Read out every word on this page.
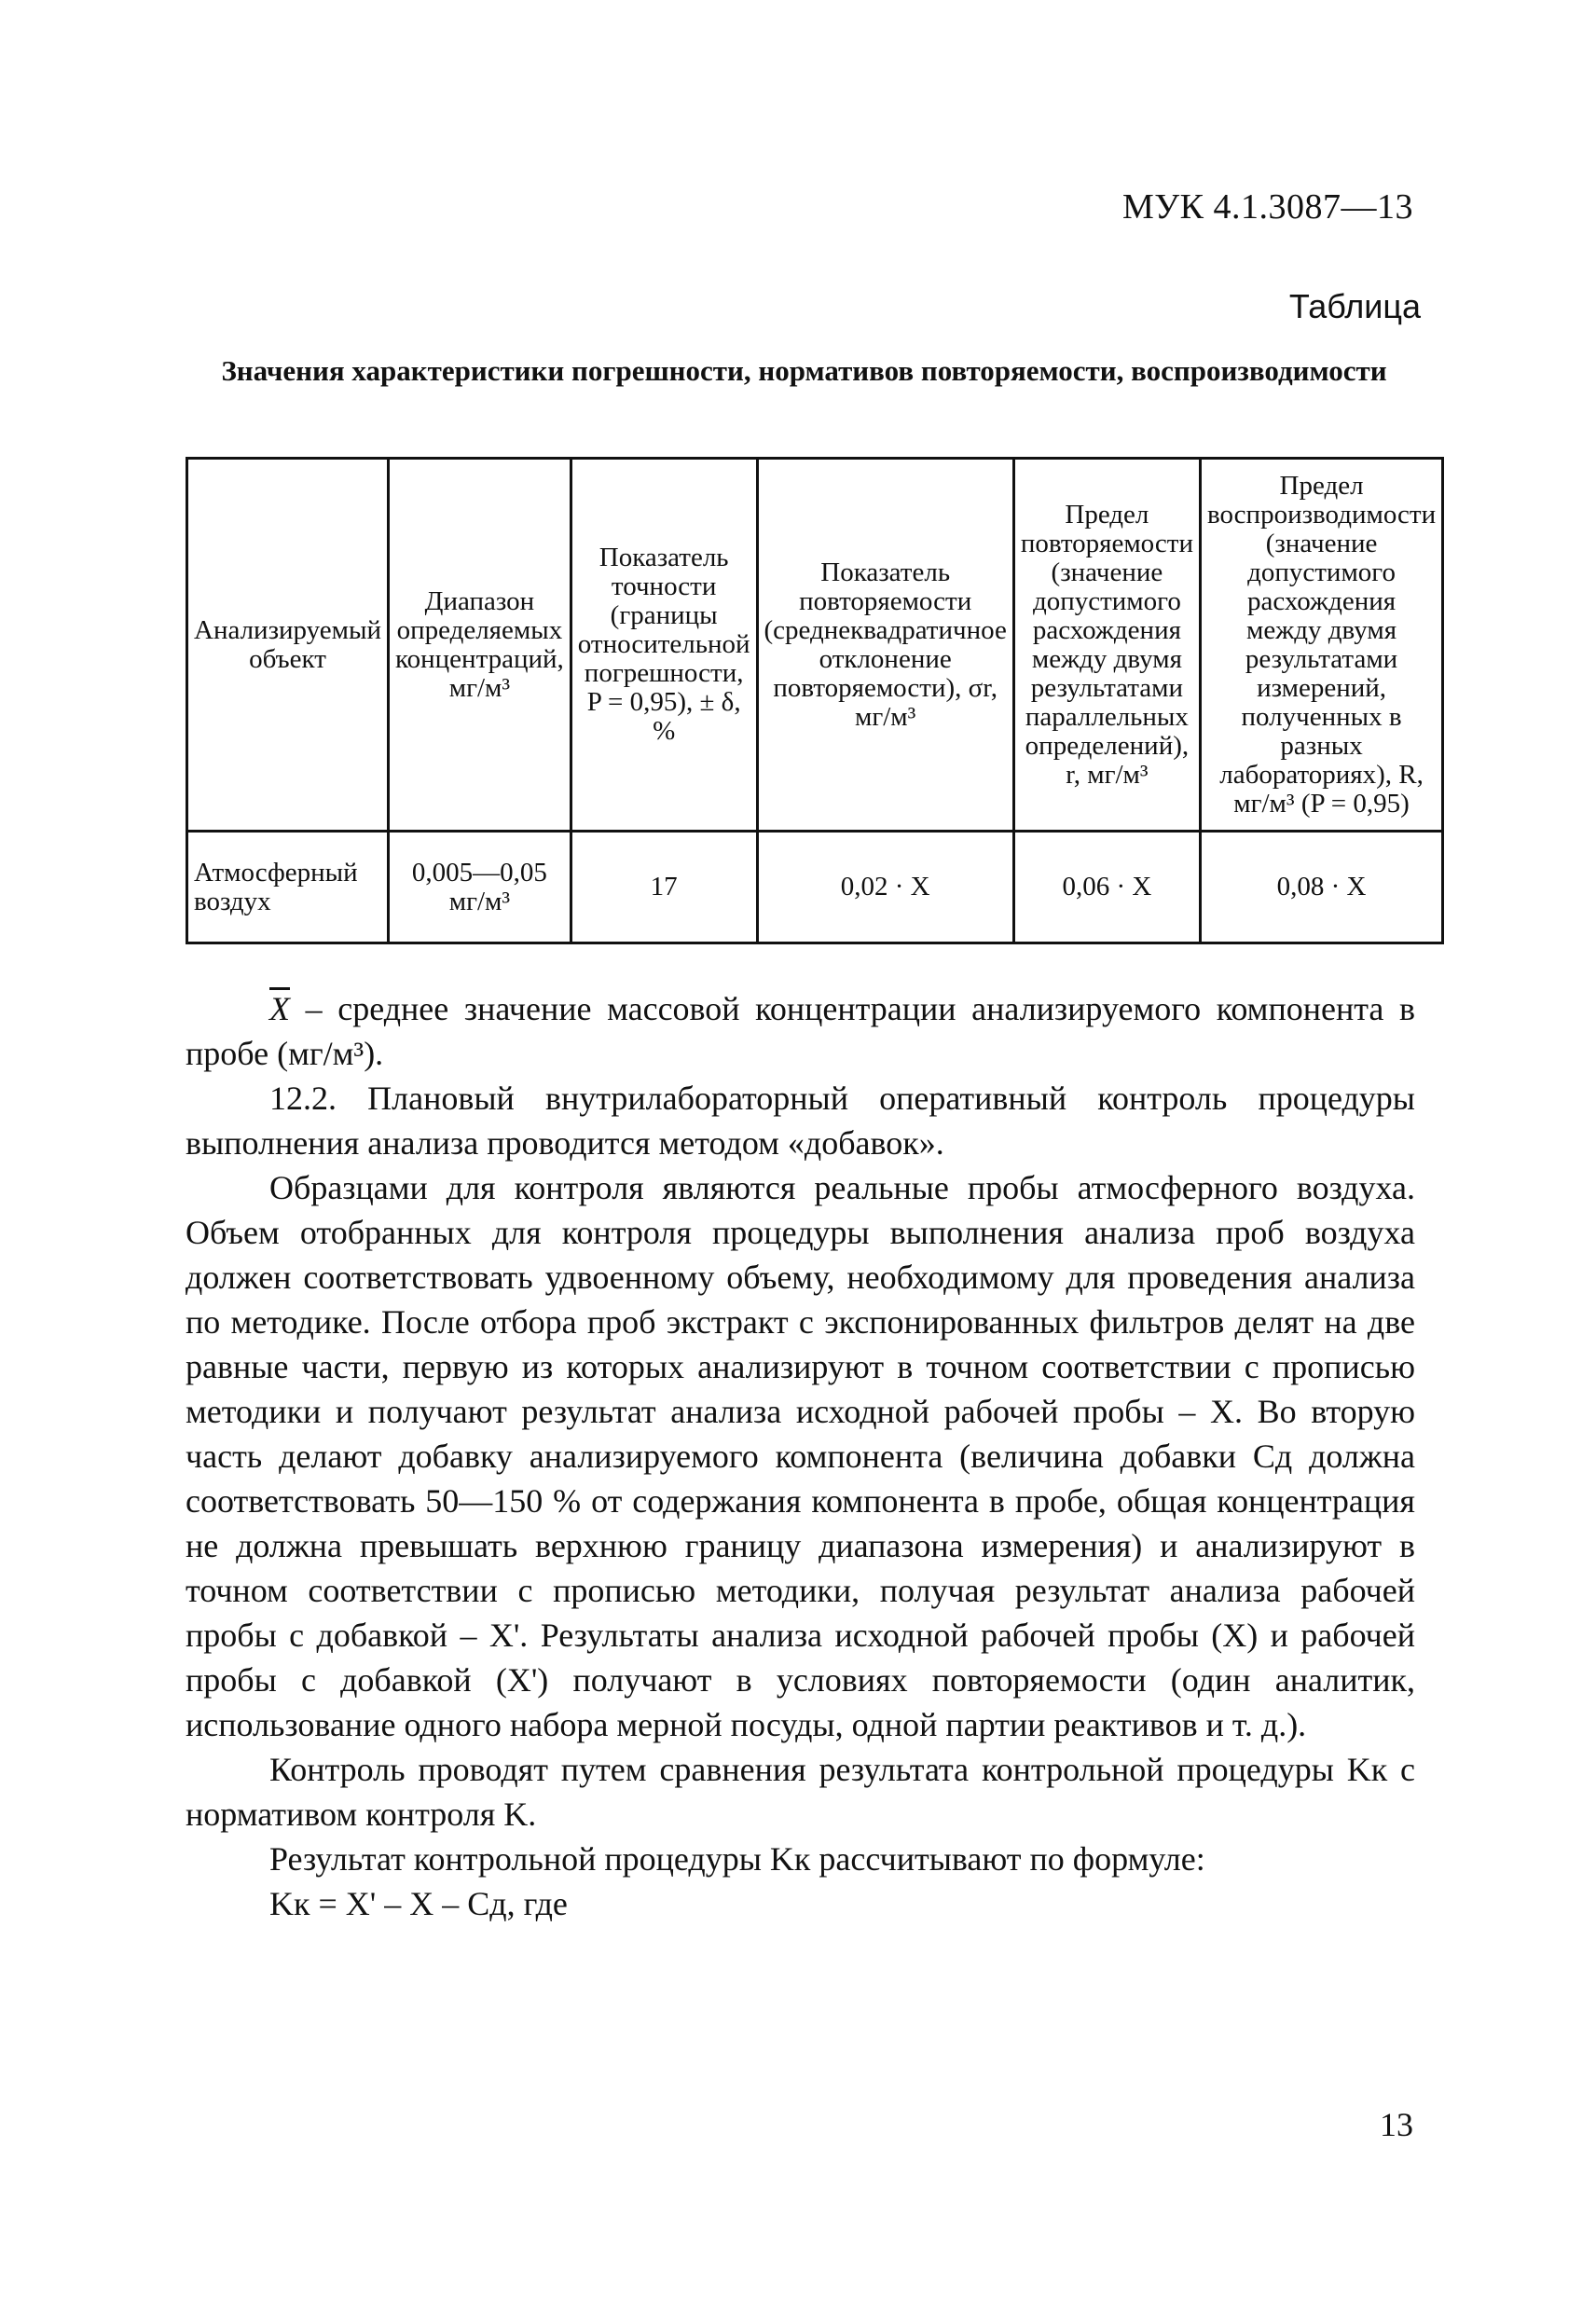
МУК 4.1.3087—13
Таблица
Значения характеристики погрешности, нормативов повторяемости, воспроизводимости
Анализируемый объект	Диапазон определяемых концентраций, мг/м³	Показатель точности (границы относительной погрешности, P = 0,95), ± δ, %	Показатель повторяемости (среднеквадратичное отклонение повторяемости), σr, мг/м³	Предел повторяемости (значение допустимого расхождения между двумя результатами параллельных определений), r, мг/м³	Предел воспроизводимости (значение допустимого расхождения между двумя результатами измерений, полученных в разных лабораториях), R, мг/м³ (P = 0,95)
Атмосферный воздух	0,005—0,05 мг/м³	17	0,02 · X	0,06 · X	0,08 · X

$\overline{X}$ – среднее значение массовой концентрации анализируемого компонента в пробе (мг/м³).

12.2. Плановый внутрилабораторный оперативный контроль процедуры выполнения анализа проводится методом «добавок».

Образцами для контроля являются реальные пробы атмосферного воздуха. Объем отобранных для контроля процедуры выполнения анализа проб воздуха должен соответствовать удвоенному объему, необходимому для проведения анализа по методике. После отбора проб экстракт с экспонированных фильтров делят на две равные части, первую из которых анализируют в точном соответствии с прописью методики и получают результат анализа исходной рабочей пробы – X. Во вторую часть делают добавку анализируемого компонента (величина добавки Cд должна соответствовать 50—150 % от содержания компонента в пробе, общая концентрация не должна превышать верхнюю границу диапазона измерения) и анализируют в точном соответствии с прописью методики, получая результат анализа рабочей пробы с добавкой – X'. Результаты анализа исходной рабочей пробы (X) и рабочей пробы с добавкой (X') получают в условиях повторяемости (один аналитик, использование одного набора мерной посуды, одной партии реактивов и т. д.).

Контроль проводят путем сравнения результата контрольной процедуры Kк с нормативом контроля K.

Результат контрольной процедуры Kк рассчитывают по формуле:

Kк = X' – X – Cд, где

13
